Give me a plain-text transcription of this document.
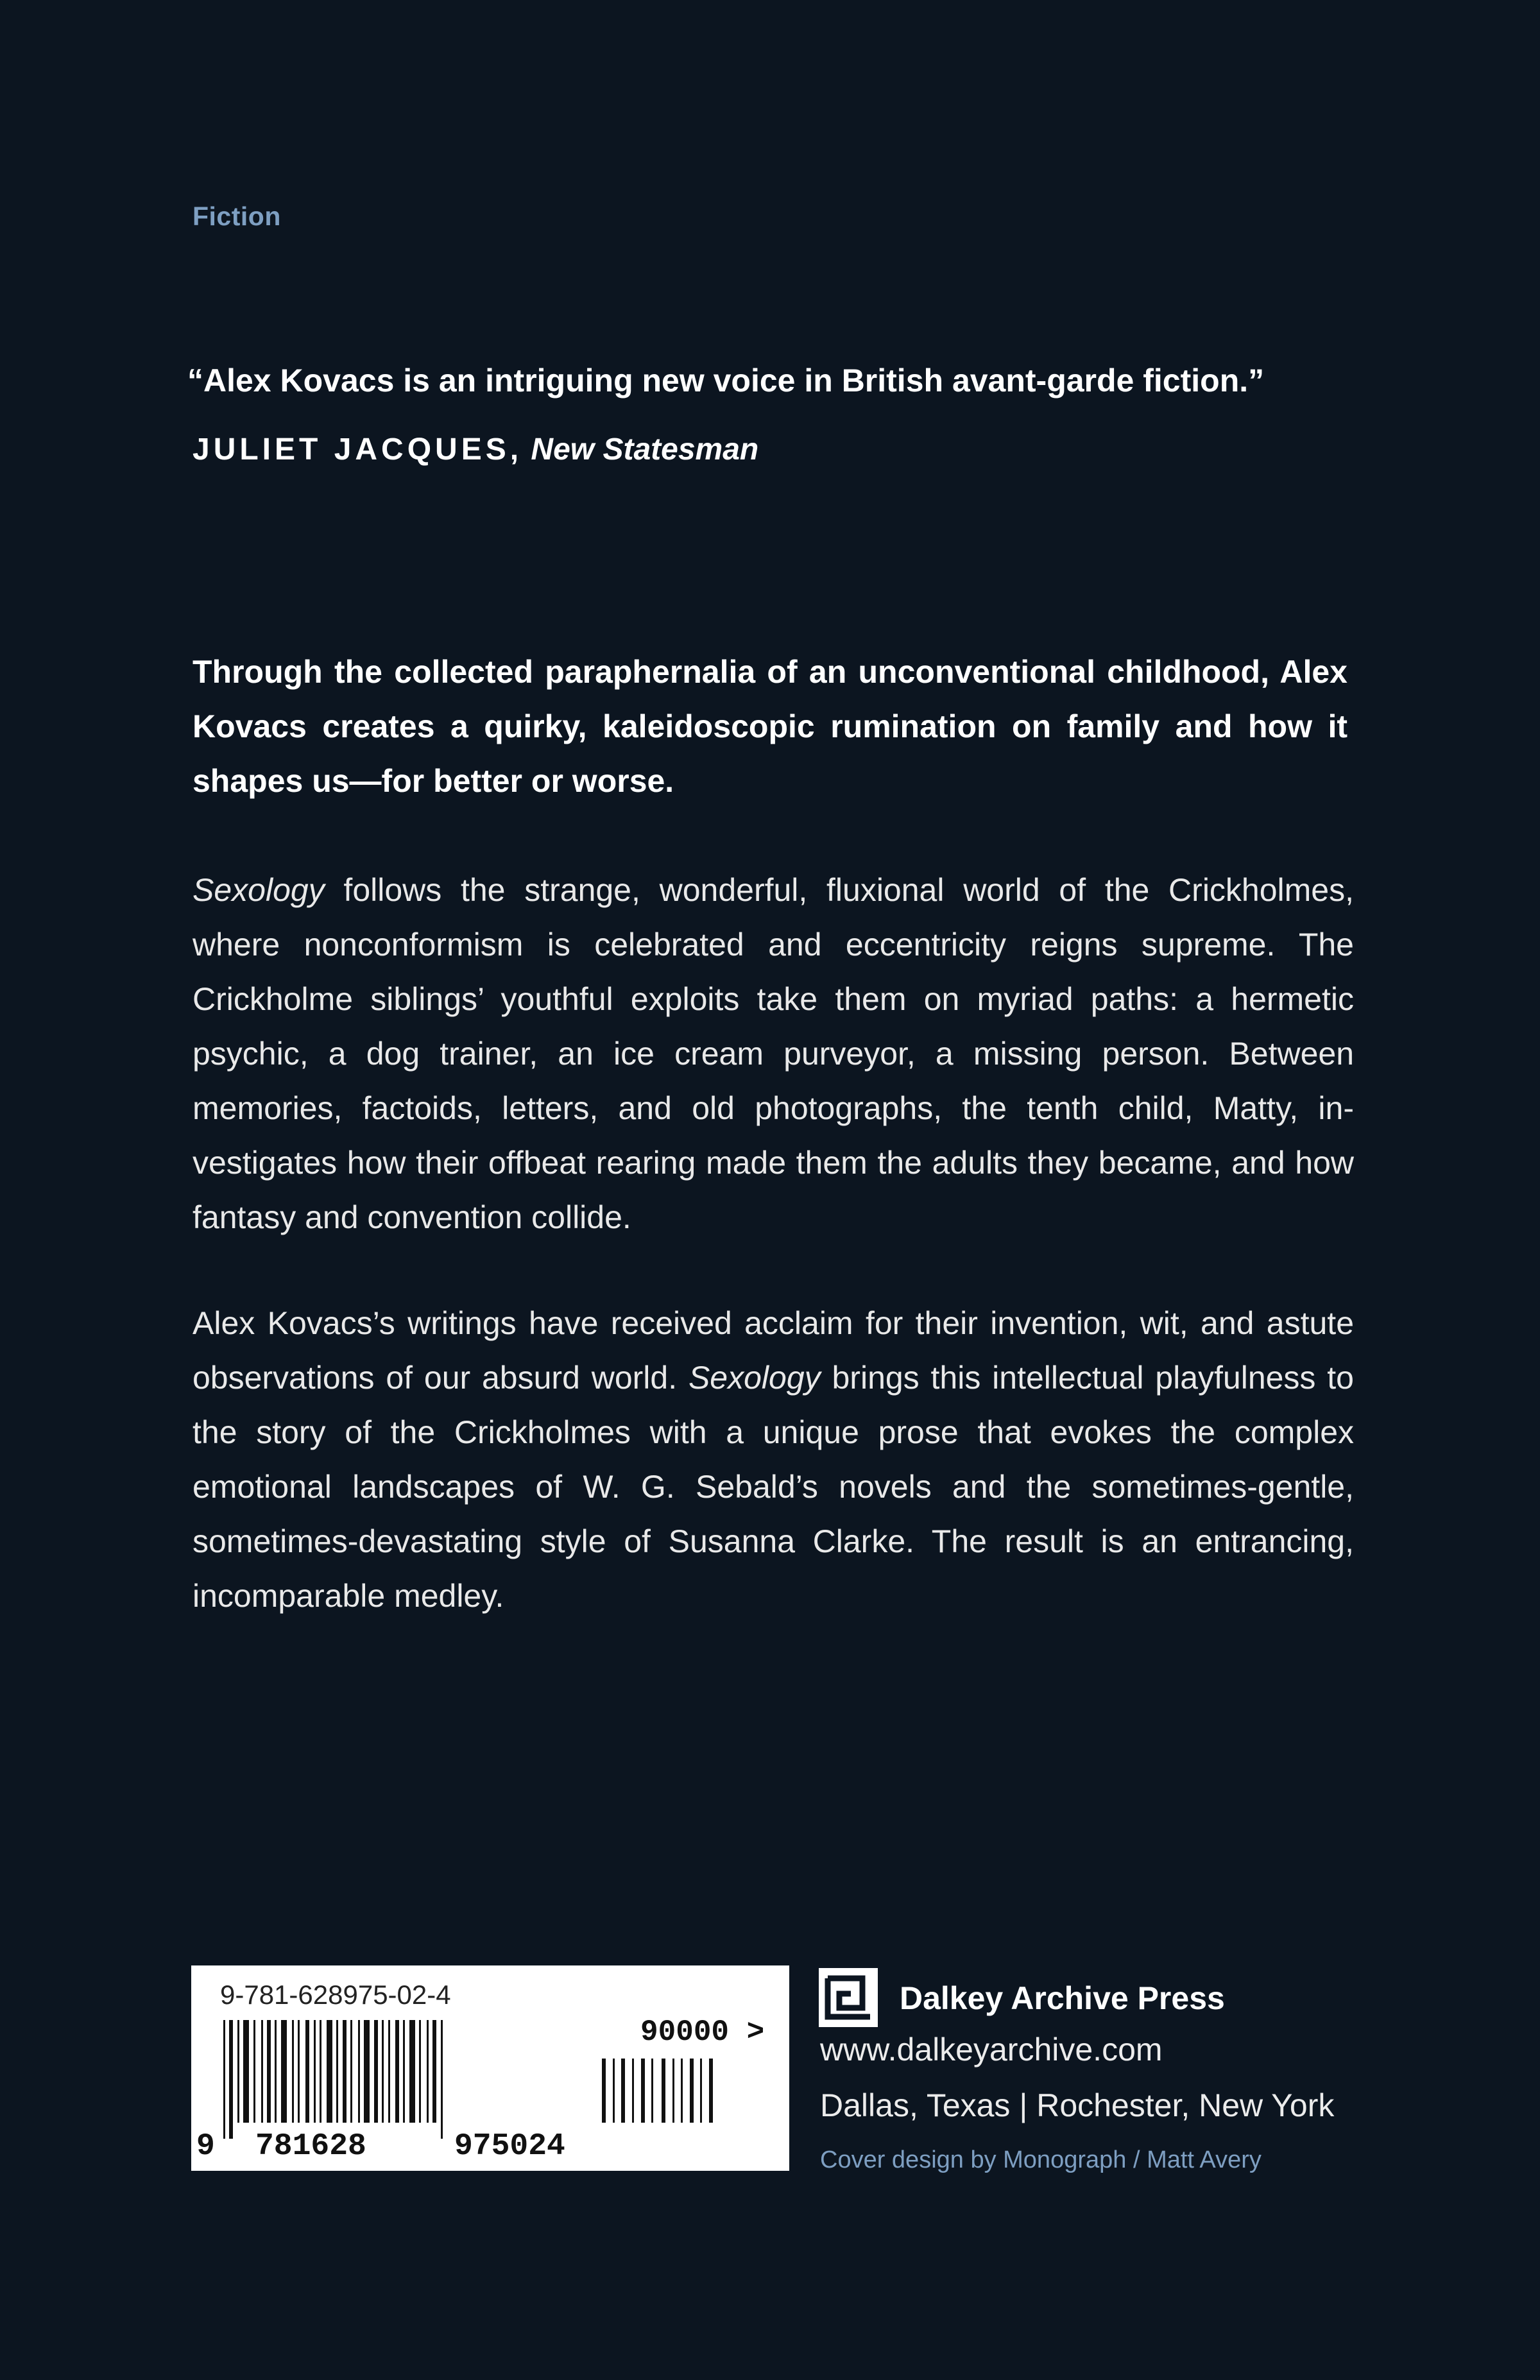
Fiction
“Alex Kovacs is an intriguing new voice in British avant-garde fiction.”
JULIET JACQUES, New Statesman
Through the collected paraphernalia of an unconventional childhood, Alex Kovacs creates a quirky, kaleidoscopic rumination on family and how it shapes us—for better or worse.
Sexology follows the strange, wonderful, fluxional world of the Crickholmes, where nonconformism is celebrated and eccentricity reigns supreme. The Crickholme siblings’ youthful exploits take them on myriad paths: a hermetic psychic, a dog trainer, an ice cream purveyor, a missing person. Between memories, factoids, letters, and old photographs, the tenth child, Matty, investigates how their offbeat rearing made them the adults they became, and how fantasy and convention collide.
Alex Kovacs’s writings have received acclaim for their invention, wit, and astute observations of our absurd world. Sexology brings this intellectual playfulness to the story of the Crickholmes with a unique prose that evokes the complex emotional landscapes of W. G. Sebald’s novels and the sometimes-gentle, sometimes-devastating style of Susanna Clarke. The result is an entrancing, incomparable medley.
9-781-628975-02-4
90000 >
9 781628	975024
Dalkey Archive Press
www.dalkeyarchive.com
Dallas, Texas | Rochester, New York
Cover design by Monograph / Matt Avery
